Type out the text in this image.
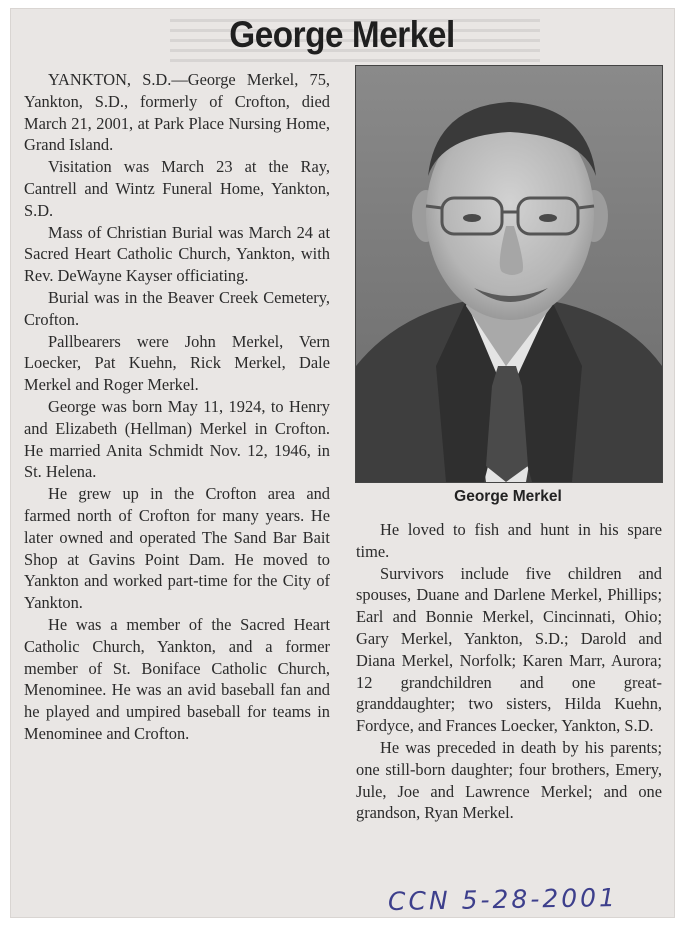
George Merkel

YANKTON, S.D.—George Merkel, 75, Yankton, S.D., formerly of Crofton, died March 21, 2001, at Park Place Nursing Home, Grand Island.

Visitation was March 23 at the Ray, Cantrell and Wintz Funeral Home, Yankton, S.D.

Mass of Christian Burial was March 24 at Sacred Heart Catholic Church, Yankton, with Rev. DeWayne Kayser officiating.

Burial was in the Beaver Creek Cemetery, Crofton.

Pallbearers were John Merkel, Vern Loecker, Pat Kuehn, Rick Merkel, Dale Merkel and Roger Merkel.

George was born May 11, 1924, to Henry and Elizabeth (Hellman) Merkel in Crofton. He married Anita Schmidt Nov. 12, 1946, in St. Helena.

He grew up in the Crofton area and farmed north of Crofton for many years. He later owned and operated The Sand Bar Bait Shop at Gavins Point Dam. He moved to Yankton and worked part-time for the City of Yankton.

He was a member of the Sacred Heart Catholic Church, Yankton, and a former member of St. Boniface Catholic Church, Menominee. He was an avid baseball fan and he played and umpired baseball for teams in Menominee and Crofton.

George Merkel

He loved to fish and hunt in his spare time.

Survivors include five children and spouses, Duane and Darlene Merkel, Phillips; Earl and Bonnie Merkel, Cincinnati, Ohio; Gary Merkel, Yankton, S.D.; Darold and Diana Merkel, Norfolk; Karen Marr, Aurora; 12 grandchildren and one great-granddaughter; two sisters, Hilda Kuehn, Fordyce, and Frances Loecker, Yankton, S.D.

He was preceded in death by his parents; one still-born daughter; four brothers, Emery, Jule, Joe and Lawrence Merkel; and one grandson, Ryan Merkel.

CCN 5-28-2001
